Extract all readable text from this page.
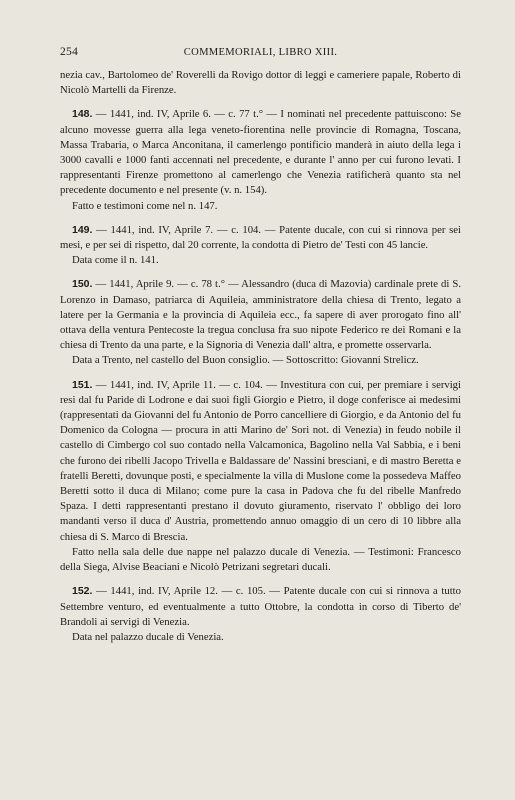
254	COMMEMORIALI, LIBRO XIII.

nezia cav., Bartolomeo de' Roverelli da Rovigo dottor di leggi e cameriere papale, Roberto di Nicolò Martelli da Firenze.

148. — 1441, ind. IV, Aprile 6. — c. 77 t.° — I nominati nel precedente pattuiscono: Se alcuno movesse guerra alla lega veneto-fiorentina nelle provincie di Romagna, Toscana, Massa Trabaria, o Marca Anconitana, il camerlengo pontificio manderà in aiuto della lega i 3000 cavalli e 1000 fanti accennati nel precedente, e durante l' anno per cui furono levati. I rappresentanti Firenze promettono al camerlengo che Venezia ratificherà quanto sta nel precedente documento e nel presente (v. n. 154).

Fatto e testimoni come nel n. 147.

149. — 1441, ind. IV, Aprile 7. — c. 104. — Patente ducale, con cui si rinnova per sei mesi, e per sei di rispetto, dal 20 corrente, la condotta di Pietro de' Testi con 45 lancie.

Data come il n. 141.

150. — 1441, Aprile 9. — c. 78 t.° — Alessandro (duca di Mazovia) cardinale prete di S. Lorenzo in Damaso, patriarca di Aquileia, amministratore della chiesa di Trento, legato a latere per la Germania e la provincia di Aquileia ecc., fa sapere di aver prorogato fino all' ottava della ventura Pentecoste la tregua conclusa fra suo nipote Federico re dei Romani e la chiesa di Trento da una parte, e la Signoria di Venezia dall' altra, e promette osservarla.

Data a Trento, nel castello del Buon consiglio. — Sottoscritto: Giovanni Strelicz.

151. — 1441, ind. IV, Aprile 11. — c. 104. — Investitura con cui, per premiare i servigi resi dal fu Paride di Lodrone e dai suoi figli Giorgio e Pietro, il doge conferisce ai medesimi (rappresentati da Giovanni del fu Antonio de Porro cancelliere di Giorgio, e da Antonio del fu Domenico da Cologna — procura in atti Marino de' Sori not. di Venezia) in feudo nobile il castello di Cimbergo col suo contado nella Valcamonica, Bagolino nella Val Sabbia, e i beni che furono dei ribelli Jacopo Trivella e Baldassare de' Nassini bresciani, e di mastro Beretta e fratelli Beretti, dovunque posti, e specialmente la villa di Muslone come la possedeva Maffeo Beretti sotto il duca di Milano; come pure la casa in Padova che fu del ribelle Manfredo Spaza. I detti rappresentanti prestano il dovuto giuramento, riservato l' obbligo dei loro mandanti verso il duca d' Austria, promettendo annuo omaggio di un cero di 10 libbre alla chiesa di S. Marco di Brescia.

Fatto nella sala delle due nappe nel palazzo ducale di Venezia. — Testimoni: Francesco della Siega, Alvise Beaciani e Nicolò Petrizani segretari ducali.

152. — 1441, ind. IV, Aprile 12. — c. 105. — Patente ducale con cui si rinnova a tutto Settembre venturo, ed eventualmente a tutto Ottobre, la condotta in corso di Tiberto de' Brandoli ai servigi di Venezia.

Data nel palazzo ducale di Venezia.
